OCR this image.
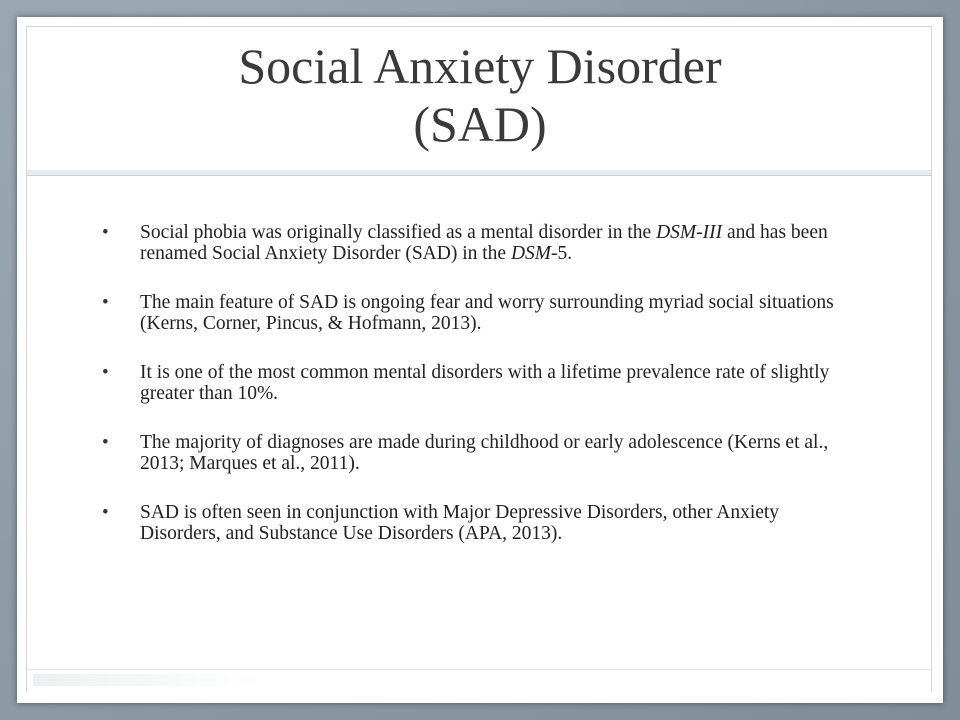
Social Anxiety Disorder
(SAD)
• Social phobia was originally classified as a mental disorder in the DSM-III and has been renamed Social Anxiety Disorder (SAD) in the DSM-5.
• The main feature of SAD is ongoing fear and worry surrounding myriad social situations (Kerns, Corner, Pincus, & Hofmann, 2013).
• It is one of the most common mental disorders with a lifetime prevalence rate of slightly greater than 10%.
• The majority of diagnoses are made during childhood or early adolescence (Kerns et al., 2013; Marques et al., 2011).
• SAD is often seen in conjunction with Major Depressive Disorders, other Anxiety Disorders, and Substance Use Disorders (APA, 2013).
